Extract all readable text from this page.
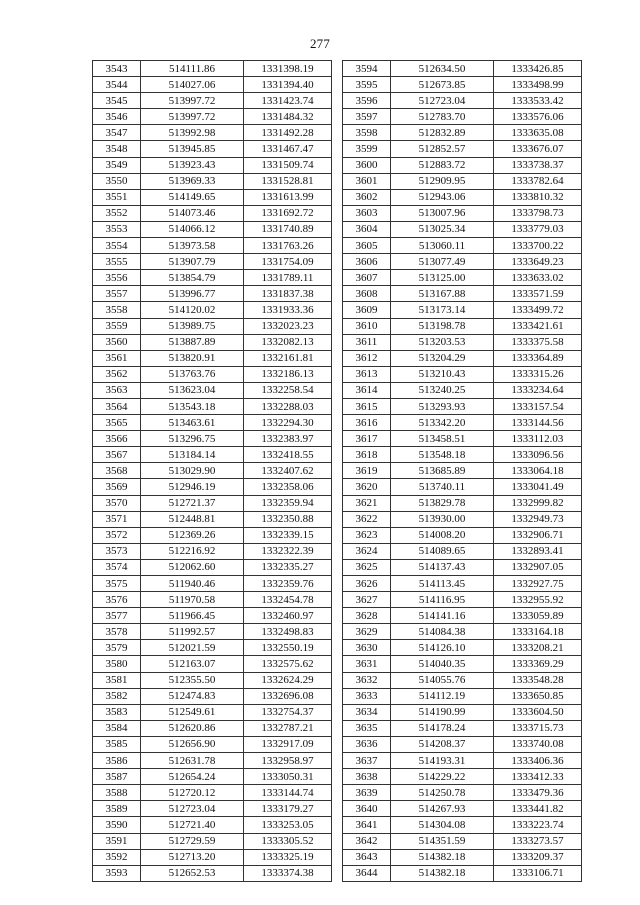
277
3543	514111.86	1331398.19
3544	514027.06	1331394.40
3545	513997.72	1331423.74
3546	513997.72	1331484.32
3547	513992.98	1331492.28
3548	513945.85	1331467.47
3549	513923.43	1331509.74
3550	513969.33	1331528.81
3551	514149.65	1331613.99
3552	514073.46	1331692.72
3553	514066.12	1331740.89
3554	513973.58	1331763.26
3555	513907.79	1331754.09
3556	513854.79	1331789.11
3557	513996.77	1331837.38
3558	514120.02	1331933.36
3559	513989.75	1332023.23
3560	513887.89	1332082.13
3561	513820.91	1332161.81
3562	513763.76	1332186.13
3563	513623.04	1332258.54
3564	513543.18	1332288.03
3565	513463.61	1332294.30
3566	513296.75	1332383.97
3567	513184.14	1332418.55
3568	513029.90	1332407.62
3569	512946.19	1332358.06
3570	512721.37	1332359.94
3571	512448.81	1332350.88
3572	512369.26	1332339.15
3573	512216.92	1332322.39
3574	512062.60	1332335.27
3575	511940.46	1332359.76
3576	511970.58	1332454.78
3577	511966.45	1332460.97
3578	511992.57	1332498.83
3579	512021.59	1332550.19
3580	512163.07	1332575.62
3581	512355.50	1332624.29
3582	512474.83	1332696.08
3583	512549.61	1332754.37
3584	512620.86	1332787.21
3585	512656.90	1332917.09
3586	512631.78	1332958.97
3587	512654.24	1333050.31
3588	512720.12	1333144.74
3589	512723.04	1333179.27
3590	512721.40	1333253.05
3591	512729.59	1333305.52
3592	512713.20	1333325.19
3593	512652.53	1333374.38
3594	512634.50	1333426.85
3595	512673.85	1333498.99
3596	512723.04	1333533.42
3597	512783.70	1333576.06
3598	512832.89	1333635.08
3599	512852.57	1333676.07
3600	512883.72	1333738.37
3601	512909.95	1333782.64
3602	512943.06	1333810.32
3603	513007.96	1333798.73
3604	513025.34	1333779.03
3605	513060.11	1333700.22
3606	513077.49	1333649.23
3607	513125.00	1333633.02
3608	513167.88	1333571.59
3609	513173.14	1333499.72
3610	513198.78	1333421.61
3611	513203.53	1333375.58
3612	513204.29	1333364.89
3613	513210.43	1333315.26
3614	513240.25	1333234.64
3615	513293.93	1333157.54
3616	513342.20	1333144.56
3617	513458.51	1333112.03
3618	513548.18	1333096.56
3619	513685.89	1333064.18
3620	513740.11	1333041.49
3621	513829.78	1332999.82
3622	513930.00	1332949.73
3623	514008.20	1332906.71
3624	514089.65	1332893.41
3625	514137.43	1332907.05
3626	514113.45	1332927.75
3627	514116.95	1332955.92
3628	514141.16	1333059.89
3629	514084.38	1333164.18
3630	514126.10	1333208.21
3631	514040.35	1333369.29
3632	514055.76	1333548.28
3633	514112.19	1333650.85
3634	514190.99	1333604.50
3635	514178.24	1333715.73
3636	514208.37	1333740.08
3637	514193.31	1333406.36
3638	514229.22	1333412.33
3639	514250.78	1333479.36
3640	514267.93	1333441.82
3641	514304.08	1333223.74
3642	514351.59	1333273.57
3643	514382.18	1333209.37
3644	514382.18	1333106.71
